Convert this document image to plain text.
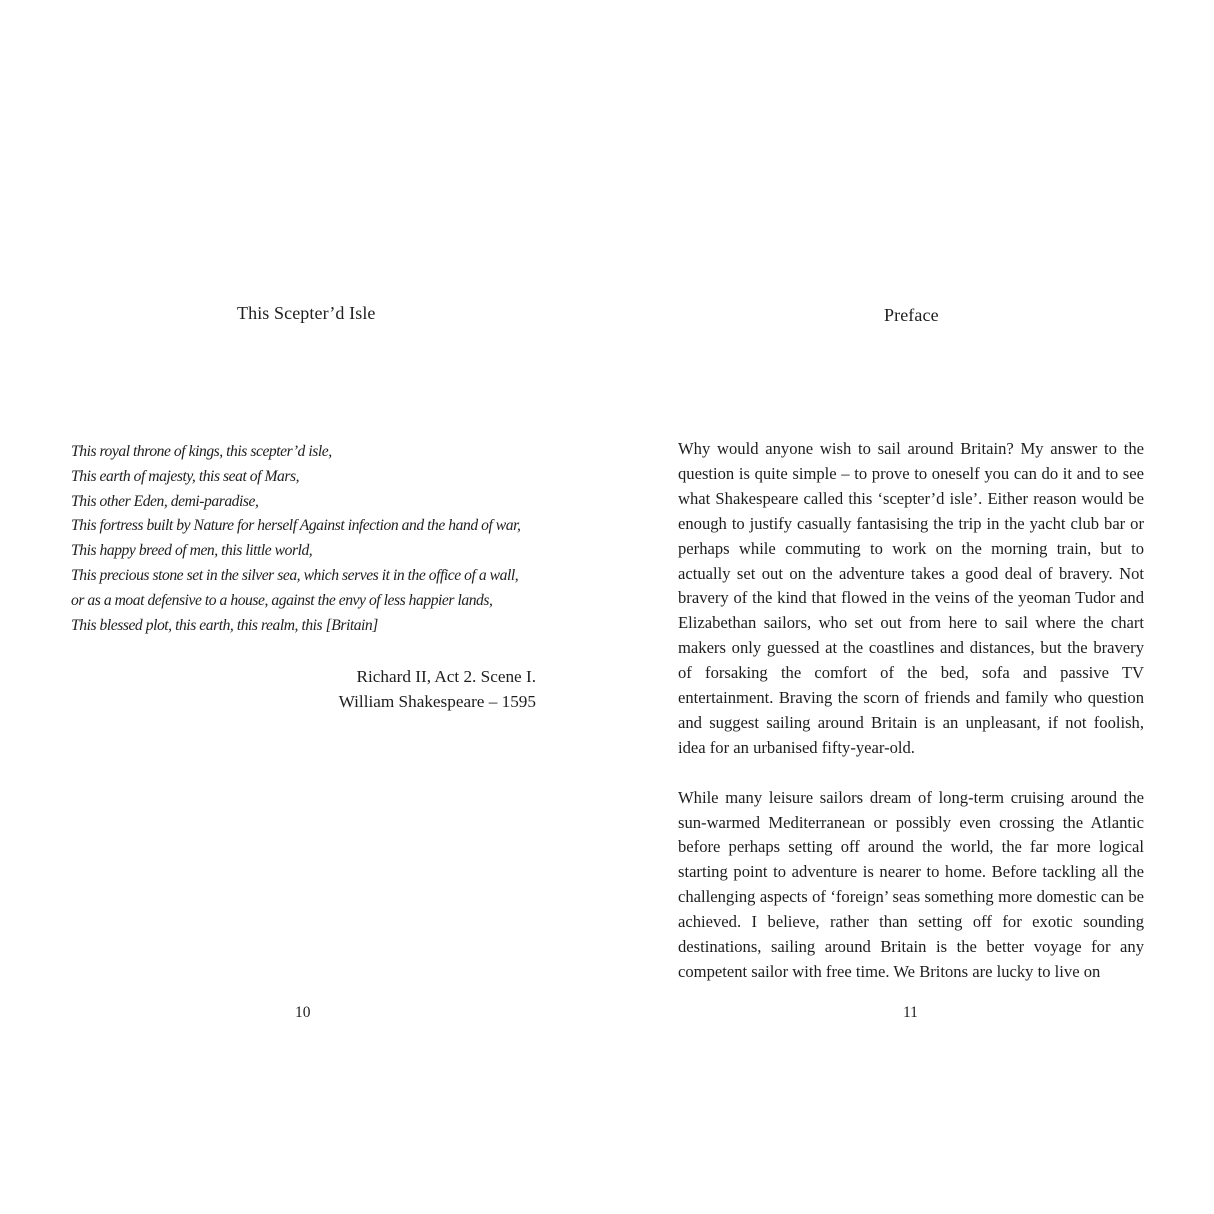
This Scepter’d Isle
This royal throne of kings, this scepter’d isle,
This earth of majesty, this seat of Mars,
This other Eden, demi-paradise,
This fortress built by Nature for herself Against infection and the hand of war,
This happy breed of men, this little world,
This precious stone set in the silver sea, which serves it in the office of a wall,
or as a moat defensive to a house, against the envy of less happier lands,
This blessed plot, this earth, this realm, this [Britain]
Richard II, Act 2. Scene I.
William Shakespeare – 1595
10
Preface

Why would anyone wish to sail around Britain? My answer to the question is quite simple – to prove to oneself you can do it and to see what Shakespeare called this ‘scepter’d isle’. Either reason would be enough to justify casually fantasising the trip in the yacht club bar or perhaps while commuting to work on the morning train, but to actually set out on the adventure takes a good deal of bravery. Not bravery of the kind that flowed in the veins of the yeoman Tudor and Elizabethan sailors, who set out from here to sail where the chart makers only guessed at the coastlines and distances, but the bravery of forsaking the comfort of the bed, sofa and passive TV entertainment. Braving the scorn of friends and family who question and suggest sailing around Britain is an unpleasant, if not foolish, idea for an urbanised fifty-year-old.

While many leisure sailors dream of long-term cruising around the sun-warmed Mediterranean or possibly even crossing the Atlantic before perhaps setting off around the world, the far more logical starting point to adventure is nearer to home. Before tackling all the challenging aspects of ‘foreign’ seas something more domestic can be achieved. I believe, rather than setting off for exotic sounding destinations, sailing around Britain is the better voyage for any competent sailor with free time. We Britons are lucky to live on

11
